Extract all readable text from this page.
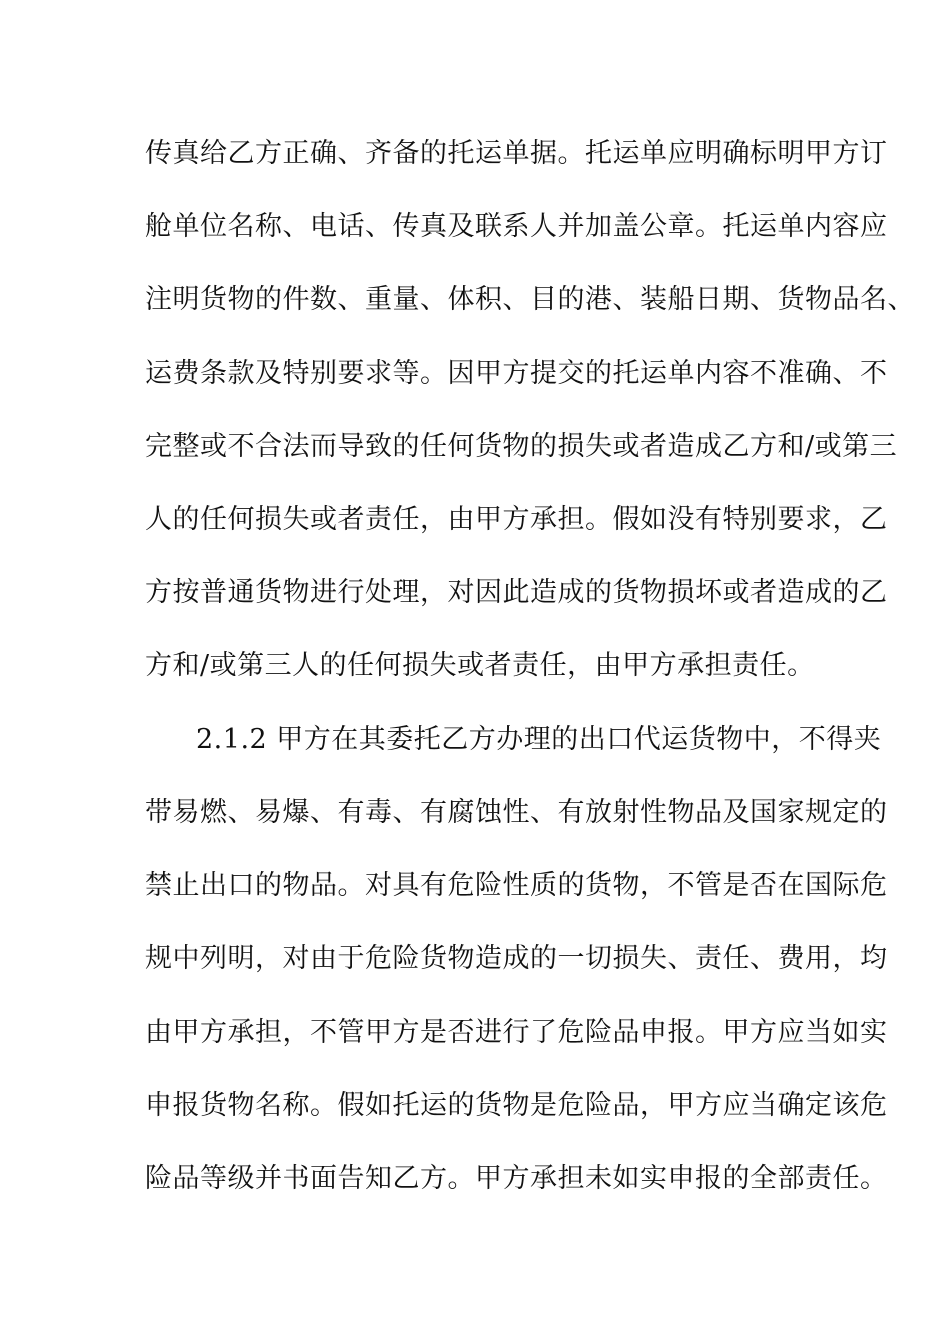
传真给乙方正确、齐备的托运单据。托运单应明确标明甲方订

舱单位名称、电话、传真及联系人并加盖公章。托运单内容应

注明货物的件数、重量、体积、目的港、装船日期、货物品名、

运费条款及特别要求等。因甲方提交的托运单内容不准确、不

完整或不合法而导致的任何货物的损失或者造成乙方和/或第三

人的任何损失或者责任，由甲方承担。假如没有特别要求，乙

方按普通货物进行处理，对因此造成的货物损坏或者造成的乙

方和/或第三人的任何损失或者责任，由甲方承担责任。

2.1.2 甲方在其委托乙方办理的出口代运货物中，不得夹

带易燃、易爆、有毒、有腐蚀性、有放射性物品及国家规定的

禁止出口的物品。对具有危险性质的货物，不管是否在国际危

规中列明，对由于危险货物造成的一切损失、责任、费用，均

由甲方承担，不管甲方是否进行了危险品申报。甲方应当如实

申报货物名称。假如托运的货物是危险品，甲方应当确定该危

险品等级并书面告知乙方。甲方承担未如实申报的全部责任。
